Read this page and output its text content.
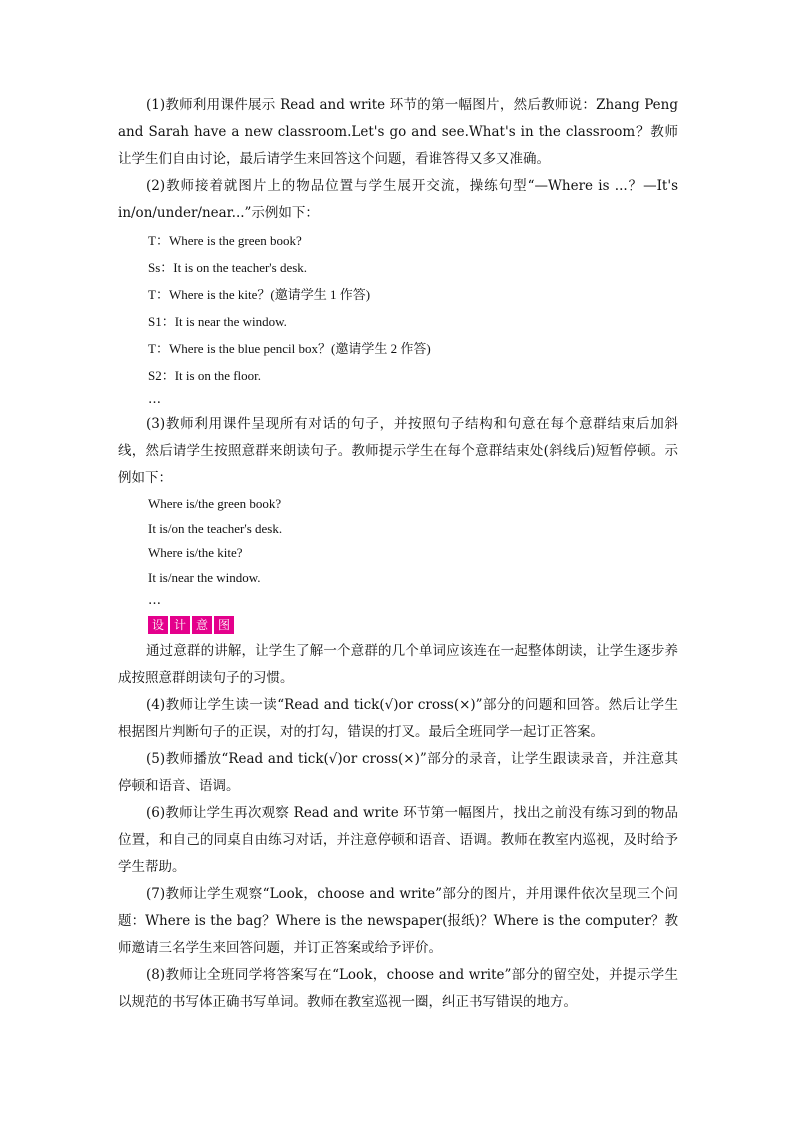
(1)教师利用课件展示 Read and write 环节的第一幅图片，然后教师说：Zhang Peng and Sarah have a new classroom.Let's go and see.What's in the classroom？教师让学生们自由讨论，最后请学生来回答这个问题，看谁答得又多又准确。

(2)教师接着就图片上的物品位置与学生展开交流，操练句型“—Where is ...？—It's in/on/under/near...”示例如下：

T：Where is the green book?

Ss：It is on the teacher's desk.

T：Where is the kite？(邀请学生 1 作答)

S1：It is near the window.

T：Where is the blue pencil box？(邀请学生 2 作答)

S2：It is on the floor.

…

(3)教师利用课件呈现所有对话的句子，并按照句子结构和句意在每个意群结束后加斜线，然后请学生按照意群来朗读句子。教师提示学生在每个意群结束处(斜线后)短暂停顿。示例如下：

Where is/the green book?

It is/on the teacher's desk.

Where is/the kite?

It is/near the window.

…

设 计 意 图

通过意群的讲解，让学生了解一个意群的几个单词应该连在一起整体朗读，让学生逐步养成按照意群朗读句子的习惯。

(4)教师让学生读一读“Read and tick(√)or cross(×)”部分的问题和回答。然后让学生根据图片判断句子的正误，对的打勾，错误的打叉。最后全班同学一起订正答案。

(5)教师播放“Read and tick(√)or cross(×)”部分的录音，让学生跟读录音，并注意其停顿和语音、语调。

(6)教师让学生再次观察 Read and write 环节第一幅图片，找出之前没有练习到的物品位置，和自己的同桌自由练习对话，并注意停顿和语音、语调。教师在教室内巡视，及时给予学生帮助。

(7)教师让学生观察“Look，choose and write”部分的图片，并用课件依次呈现三个问题：Where is the bag？Where is the newspaper(报纸)？Where is the computer？教师邀请三名学生来回答问题，并订正答案或给予评价。

(8)教师让全班同学将答案写在“Look，choose and write”部分的留空处，并提示学生以规范的书写体正确书写单词。教师在教室巡视一圈，纠正书写错误的地方。
